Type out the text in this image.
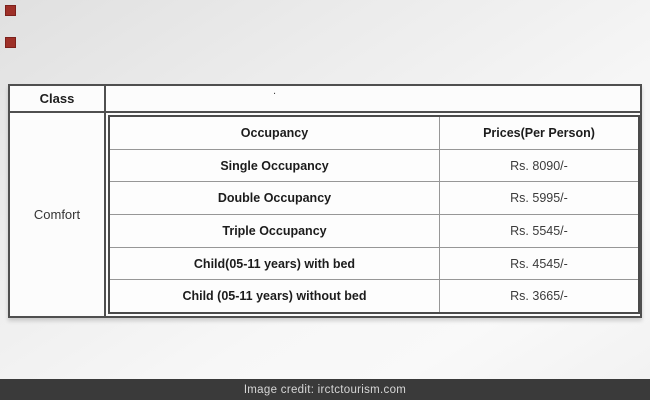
Class	.
Comfort
Occupancy	Prices(Per Person)
Single Occupancy	Rs. 8090/-
Double Occupancy	Rs. 5995/-
Triple Occupancy	Rs. 5545/-
Child(05-11 years) with bed	Rs. 4545/-
Child (05-11 years) without bed	Rs. 3665/-
Image credit: irctctourism.com
